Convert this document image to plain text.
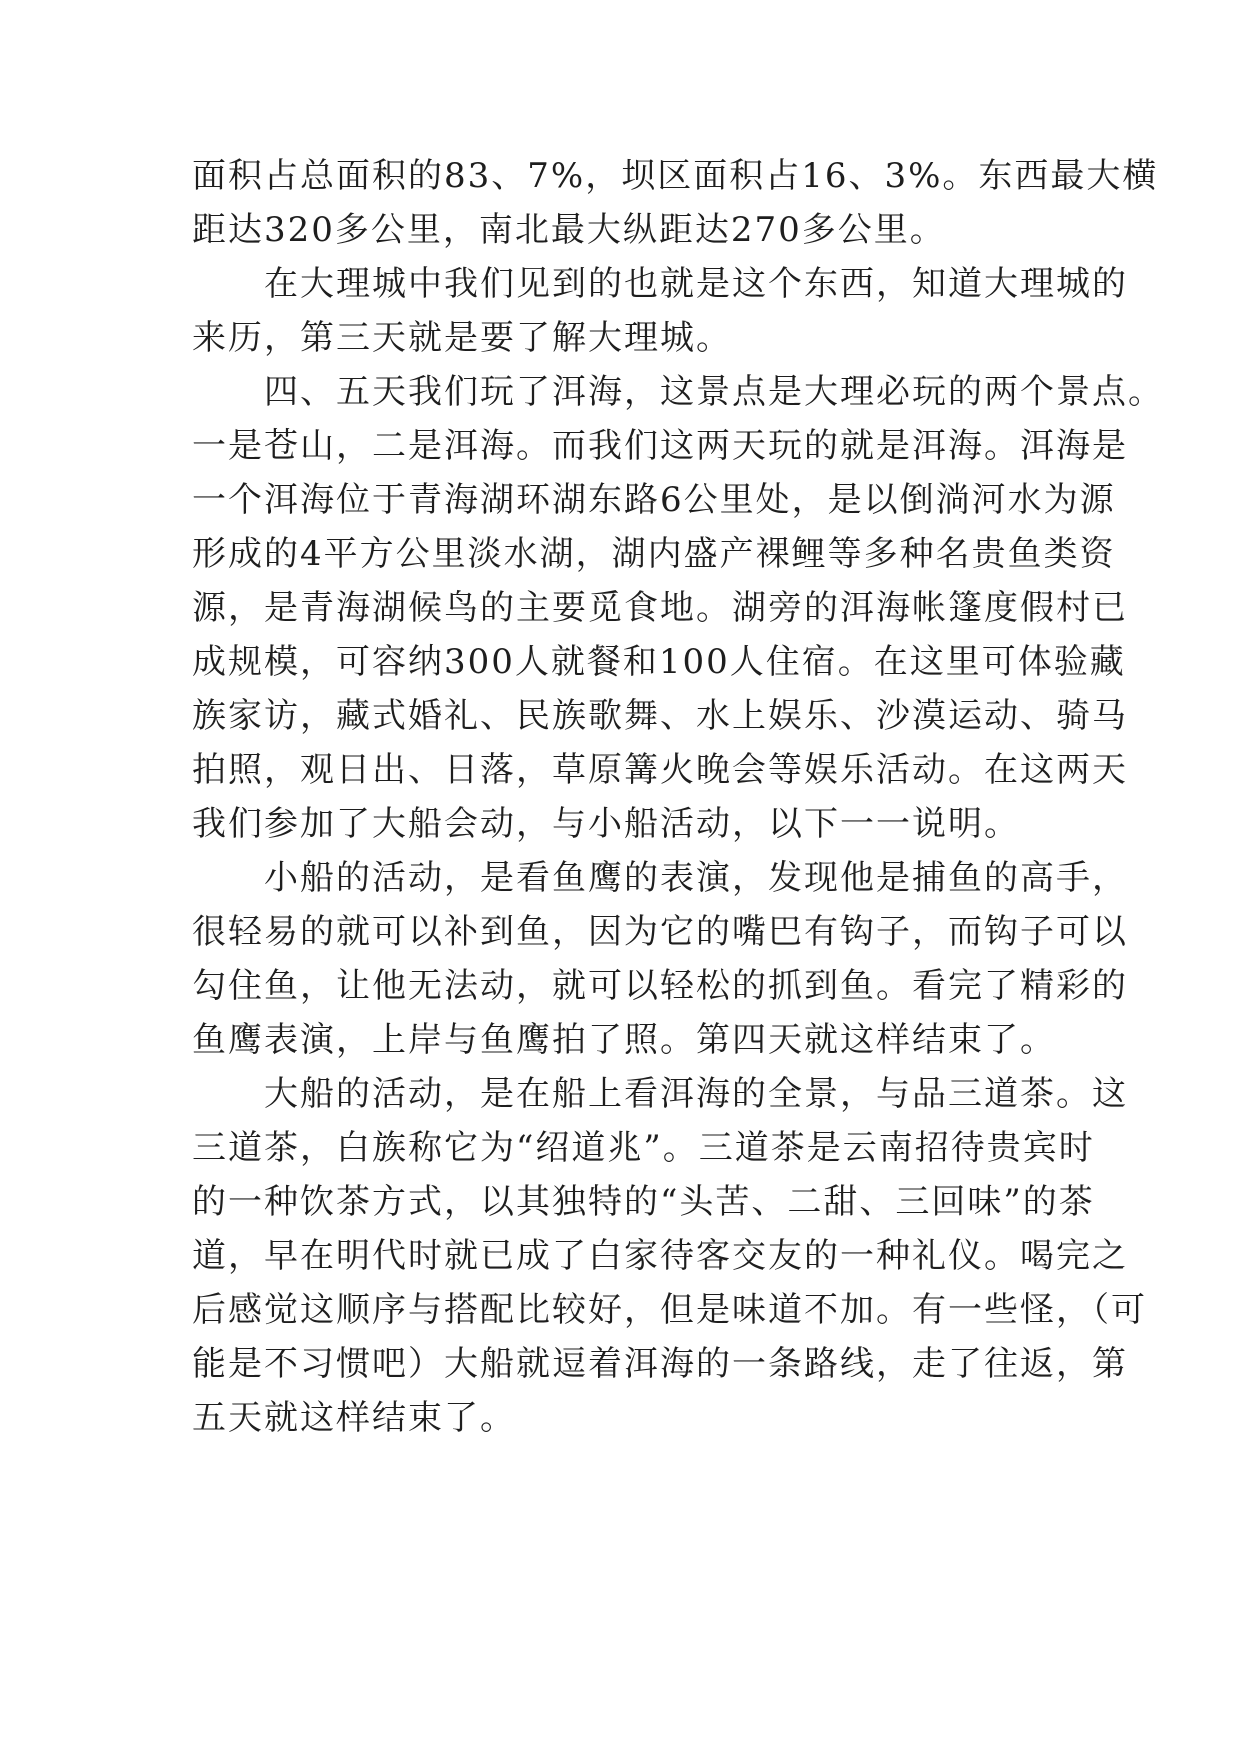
面积占总面积的83、7%，坝区面积占16、3%。东西最大横
距达320多公里，南北最大纵距达270多公里。
在大理城中我们见到的也就是这个东西，知道大理城的
来历，第三天就是要了解大理城。
四、五天我们玩了洱海，这景点是大理必玩的两个景点。
一是苍山，二是洱海。而我们这两天玩的就是洱海。洱海是
一个洱海位于青海湖环湖东路6公里处，是以倒淌河水为源
形成的4平方公里淡水湖，湖内盛产裸鲤等多种名贵鱼类资
源，是青海湖候鸟的主要觅食地。湖旁的洱海帐篷度假村已
成规模，可容纳300人就餐和100人住宿。在这里可体验藏
族家访，藏式婚礼、民族歌舞、水上娱乐、沙漠运动、骑马
拍照，观日出、日落，草原篝火晚会等娱乐活动。在这两天
我们参加了大船会动，与小船活动，以下一一说明。
小船的活动，是看鱼鹰的表演，发现他是捕鱼的高手，
很轻易的就可以补到鱼，因为它的嘴巴有钩子，而钩子可以
勾住鱼，让他无法动，就可以轻松的抓到鱼。看完了精彩的
鱼鹰表演，上岸与鱼鹰拍了照。第四天就这样结束了。
大船的活动，是在船上看洱海的全景，与品三道茶。这
三道茶，白族称它为“绍道兆”。三道茶是云南招待贵宾时
的一种饮茶方式，以其独特的“头苦、二甜、三回味”的茶
道，早在明代时就已成了白家待客交友的一种礼仪。喝完之
后感觉这顺序与搭配比较好，但是味道不加。有一些怪，（可
能是不习惯吧）大船就逗着洱海的一条路线，走了往返，第
五天就这样结束了。
